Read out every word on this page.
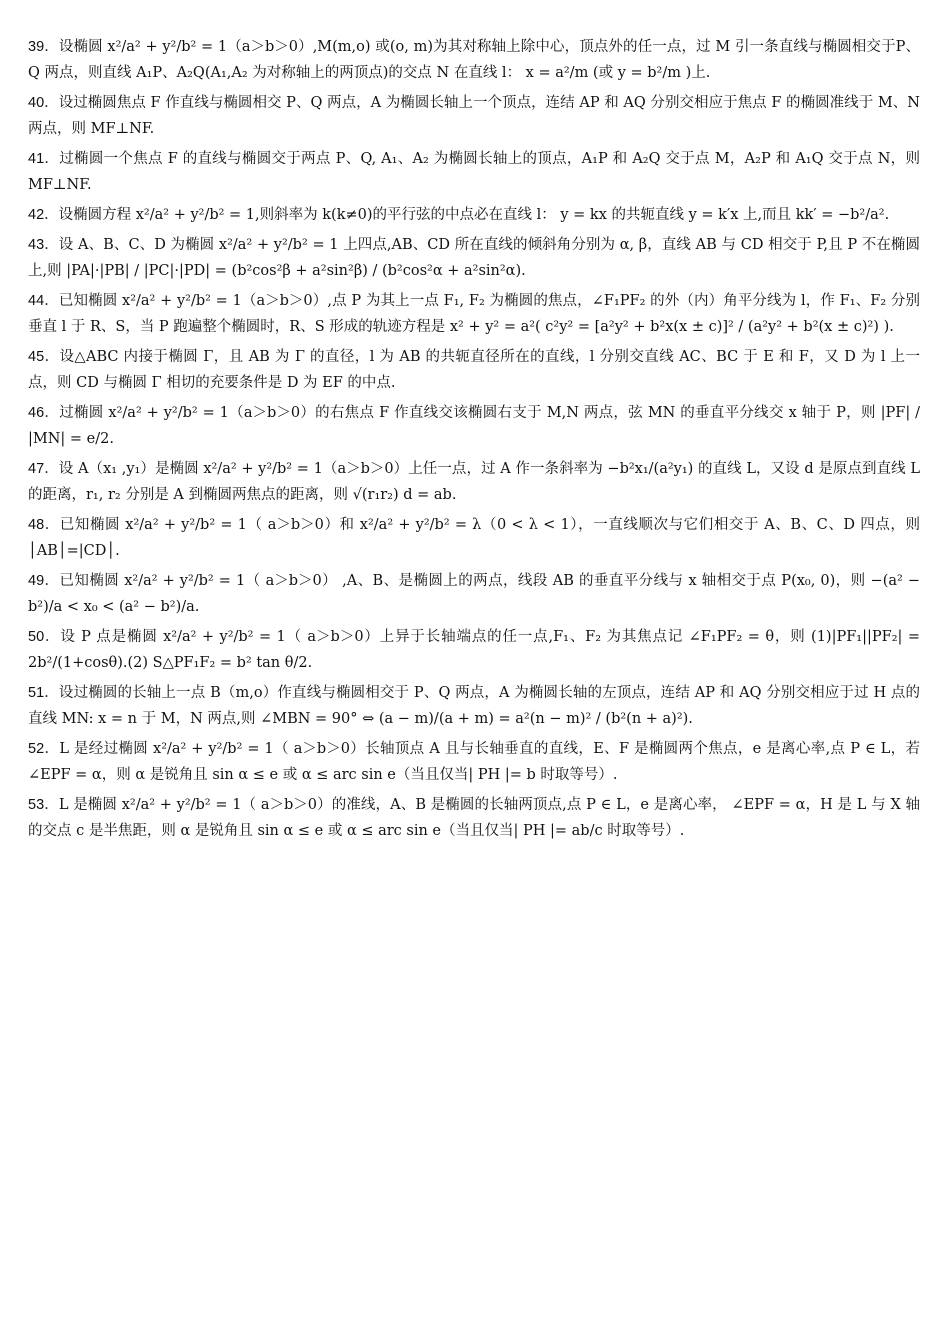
39．设椭圆 x²/a² + y²/b² = 1（a＞b＞0）,M(m,o) 或(o, m)为其对称轴上除中心，顶点外的任一点，过 M 引一条直线与椭圆相交于P、Q 两点，则直线 A₁P、A₂Q(A₁,A₂ 为对称轴上的两顶点)的交点 N 在直线 l： x = a²/m (或 y = b²/m )上.

40．设过椭圆焦点 F 作直线与椭圆相交 P、Q 两点，A 为椭圆长轴上一个顶点，连结 AP 和 AQ 分别交相应于焦点 F 的椭圆准线于 M、N 两点，则 MF⊥NF.

41．过椭圆一个焦点 F 的直线与椭圆交于两点 P、Q, A₁、A₂ 为椭圆长轴上的顶点，A₁P 和 A₂Q 交于点 M，A₂P 和 A₁Q 交于点 N，则 MF⊥NF.

42．设椭圆方程 x²/a² + y²/b² = 1,则斜率为 k(k≠0)的平行弦的中点必在直线 l： y = kx 的共轭直线 y = k′x 上,而且 kk′ = −b²/a².

43．设 A、B、C、D 为椭圆 x²/a² + y²/b² = 1 上四点,AB、CD 所在直线的倾斜角分别为 α, β，直线 AB 与 CD 相交于 P,且 P 不在椭圆上,则 |PA|·|PB| / |PC|·|PD| = (b²cos²β + a²sin²β) / (b²cos²α + a²sin²α).

44．已知椭圆 x²/a² + y²/b² = 1（a＞b＞0）,点 P 为其上一点 F₁, F₂ 为椭圆的焦点，∠F₁PF₂ 的外（内）角平分线为 l，作 F₁、F₂ 分别垂直 l 于 R、S，当 P 跑遍整个椭圆时，R、S 形成的轨迹方程是 x² + y² = a²( c²y² = [a²y² + b²x(x ± c)]² / (a²y² + b²(x ± c)²) ).

45．设△ABC 内接于椭圆 Γ，且 AB 为 Γ 的直径，l 为 AB 的共轭直径所在的直线，l 分别交直线 AC、BC 于 E 和 F，又 D 为 l 上一点，则 CD 与椭圆 Γ 相切的充要条件是 D 为 EF 的中点.

46．过椭圆 x²/a² + y²/b² = 1（a＞b＞0）的右焦点 F 作直线交该椭圆右支于 M,N 两点，弦 MN 的垂直平分线交 x 轴于 P，则 |PF| / |MN| = e/2.

47．设 A（x₁ ,y₁）是椭圆 x²/a² + y²/b² = 1（a＞b＞0）上任一点，过 A 作一条斜率为 −b²x₁/(a²y₁) 的直线 L，又设 d 是原点到直线 L 的距离，r₁, r₂ 分别是 A 到椭圆两焦点的距离，则 √(r₁r₂) d = ab.

48．已知椭圆 x²/a² + y²/b² = 1（ a＞b＞0）和 x²/a² + y²/b² = λ（0 < λ < 1），一直线顺次与它们相交于 A、B、C、D 四点，则 │AB│=|CD│.

49．已知椭圆 x²/a² + y²/b² = 1（ a＞b＞0） ,A、B、是椭圆上的两点，线段 AB 的垂直平分线与 x 轴相交于点 P(x₀, 0)，则 −(a² − b²)/a < x₀ < (a² − b²)/a.

50．设 P 点是椭圆 x²/a² + y²/b² = 1（ a＞b＞0）上异于长轴端点的任一点,F₁、F₂ 为其焦点记 ∠F₁PF₂ = θ，则 (1)|PF₁||PF₂| = 2b²/(1+cosθ).(2) S△PF₁F₂ = b² tan θ/2.

51．设过椭圆的长轴上一点 B（m,o）作直线与椭圆相交于 P、Q 两点，A 为椭圆长轴的左顶点，连结 AP 和 AQ 分别交相应于过 H 点的直线 MN: x = n 于 M，N 两点,则 ∠MBN = 90° ⇔ (a − m)/(a + m) = a²(n − m)² / (b²(n + a)²).

52．L 是经过椭圆 x²/a² + y²/b² = 1（ a＞b＞0）长轴顶点 A 且与长轴垂直的直线，E、F 是椭圆两个焦点，e 是离心率,点 P ∈ L，若 ∠EPF = α，则 α 是锐角且 sin α ≤ e 或 α ≤ arc sin e（当且仅当| PH |= b 时取等号）.

53．L 是椭圆 x²/a² + y²/b² = 1（ a＞b＞0）的准线，A、B 是椭圆的长轴两顶点,点 P ∈ L，e 是离心率， ∠EPF = α，H 是 L 与 X 轴的交点 c 是半焦距，则 α 是锐角且 sin α ≤ e 或 α ≤ arc sin e（当且仅当| PH |= ab/c 时取等号）.
